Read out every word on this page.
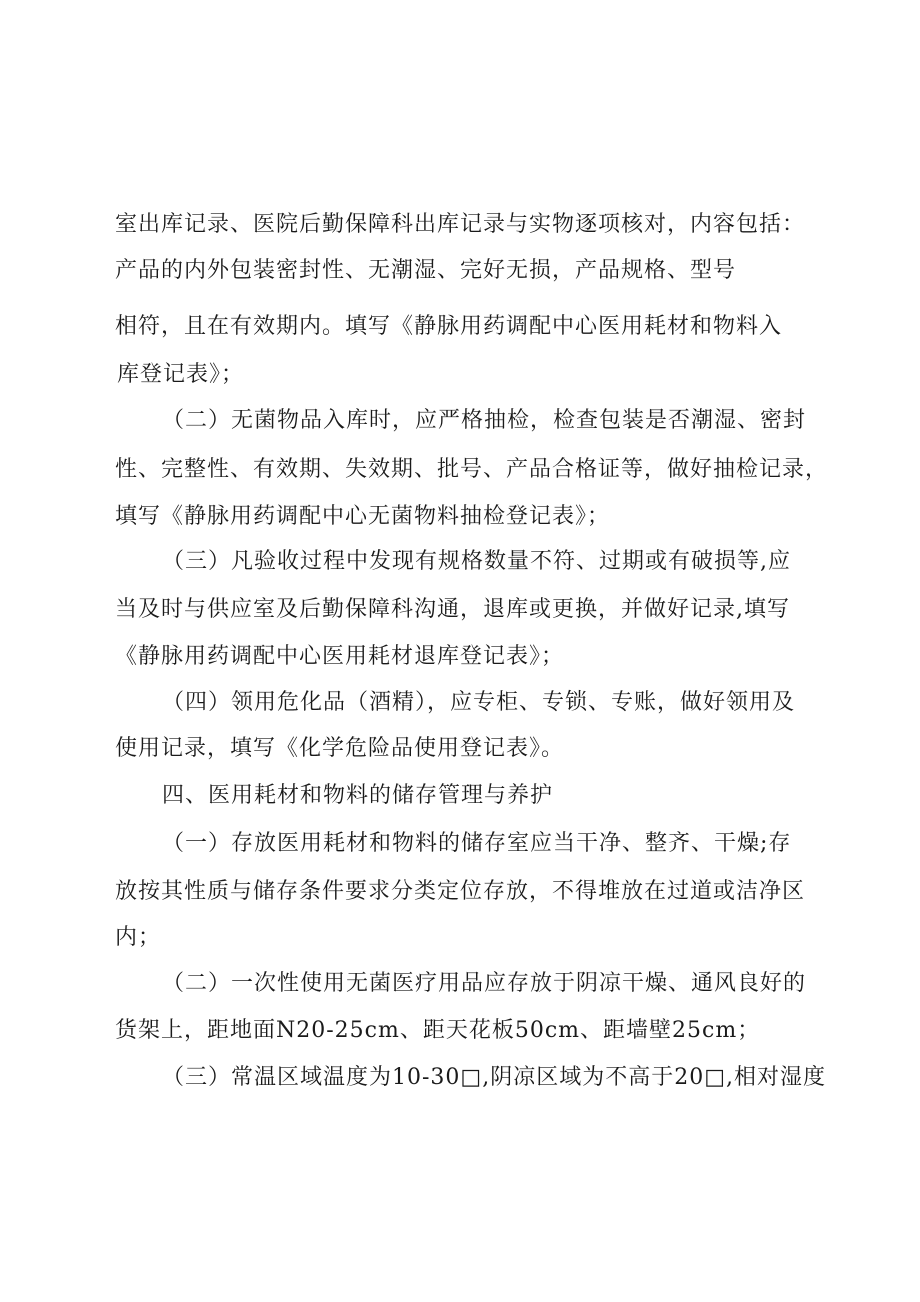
室出库记录、医院后勤保障科出库记录与实物逐项核对，内容包括：
产品的内外包装密封性、无潮湿、完好无损，产品规格、型号
相符，且在有效期内。填写《静脉用药调配中心医用耗材和物料入
库登记表》；
（二）无菌物品入库时，应严格抽检，检查包装是否潮湿、密封
性、完整性、有效期、失效期、批号、产品合格证等，做好抽检记录，
填写《静脉用药调配中心无菌物料抽检登记表》；
（三）凡验收过程中发现有规格数量不符、过期或有破损等,应
当及时与供应室及后勤保障科沟通，退库或更换，并做好记录,填写
《静脉用药调配中心医用耗材退库登记表》；
（四）领用危化品（酒精），应专柜、专锁、专账，做好领用及
使用记录，填写《化学危险品使用登记表》。
四、医用耗材和物料的储存管理与养护
（一）存放医用耗材和物料的储存室应当干净、整齐、干燥;存
放按其性质与储存条件要求分类定位存放，不得堆放在过道或洁净区
内；
（二）一次性使用无菌医疗用品应存放于阴凉干燥、通风良好的
货架上，距地面N20-25cm、距天花板50cm、距墙壁25cm；
（三）常温区域温度为10-30□,阴凉区域为不高于20□,相对湿度
